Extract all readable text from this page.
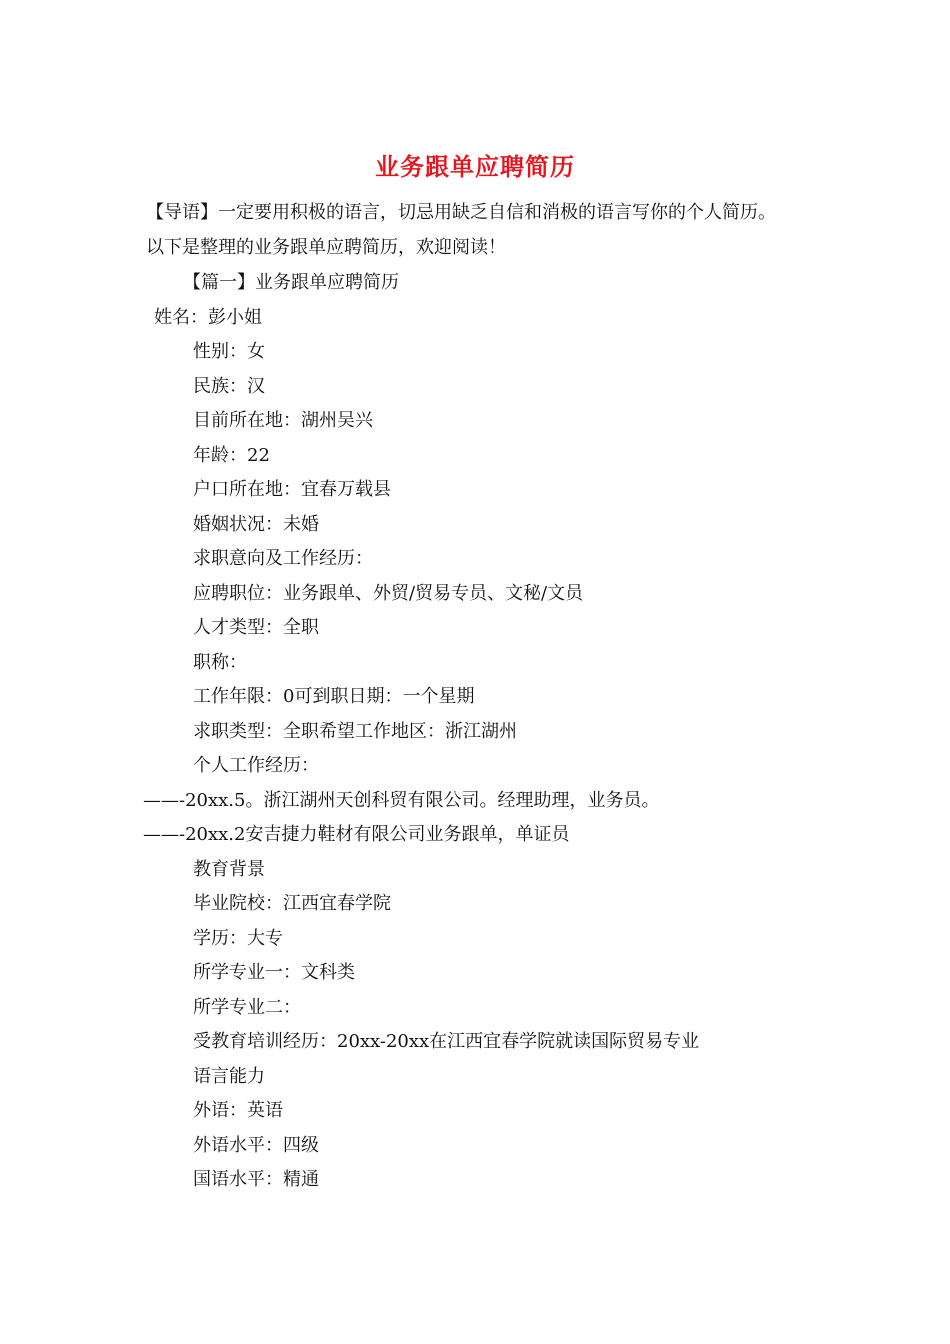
业务跟单应聘简历
【导语】一定要用积极的语言，切忌用缺乏自信和消极的语言写你的个人简历。
以下是整理的业务跟单应聘简历，欢迎阅读！
【篇一】业务跟单应聘简历
姓名：彭小姐
性别：女
民族：汉
目前所在地：湖州吴兴
年龄：22
户口所在地：宜春万载县
婚姻状况：未婚
求职意向及工作经历：
应聘职位：业务跟单、外贸/贸易专员、文秘/文员
人才类型：全职
职称：
工作年限：0可到职日期：一个星期
求职类型：全职希望工作地区：浙江湖州
个人工作经历：
——-20xx.5。浙江湖州天创科贸有限公司。经理助理，业务员。
——-20xx.2安吉捷力鞋材有限公司业务跟单，单证员
教育背景
毕业院校：江西宜春学院
学历：大专
所学专业一：文科类
所学专业二：
受教育培训经历：20xx-20xx在江西宜春学院就读国际贸易专业
语言能力
外语：英语
外语水平：四级
国语水平：精通
